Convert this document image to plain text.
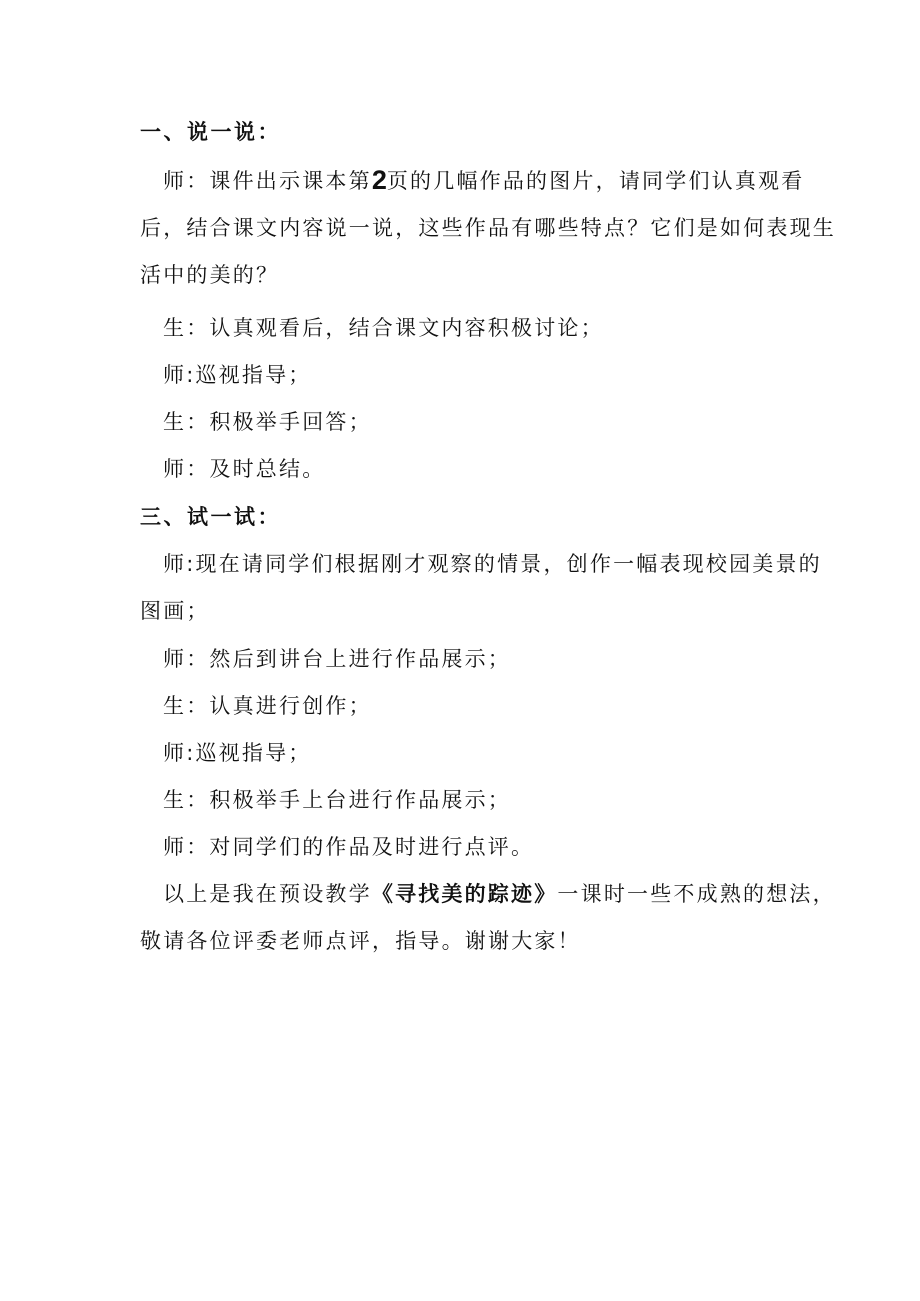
一、说一说：
师：课件出示课本第2页的几幅作品的图片，请同学们认真观看
后，结合课文内容说一说，这些作品有哪些特点？它们是如何表现生
活中的美的？
生：认真观看后，结合课文内容积极讨论；
师:巡视指导；
生：积极举手回答；
师：及时总结。
三、试一试：
师:现在请同学们根据刚才观察的情景，创作一幅表现校园美景的
图画；
师：然后到讲台上进行作品展示；
生：认真进行创作；
师:巡视指导；
生：积极举手上台进行作品展示；
师：对同学们的作品及时进行点评。
以上是我在预设教学《寻找美的踪迹》一课时一些不成熟的想法，
敬请各位评委老师点评，指导。谢谢大家！
